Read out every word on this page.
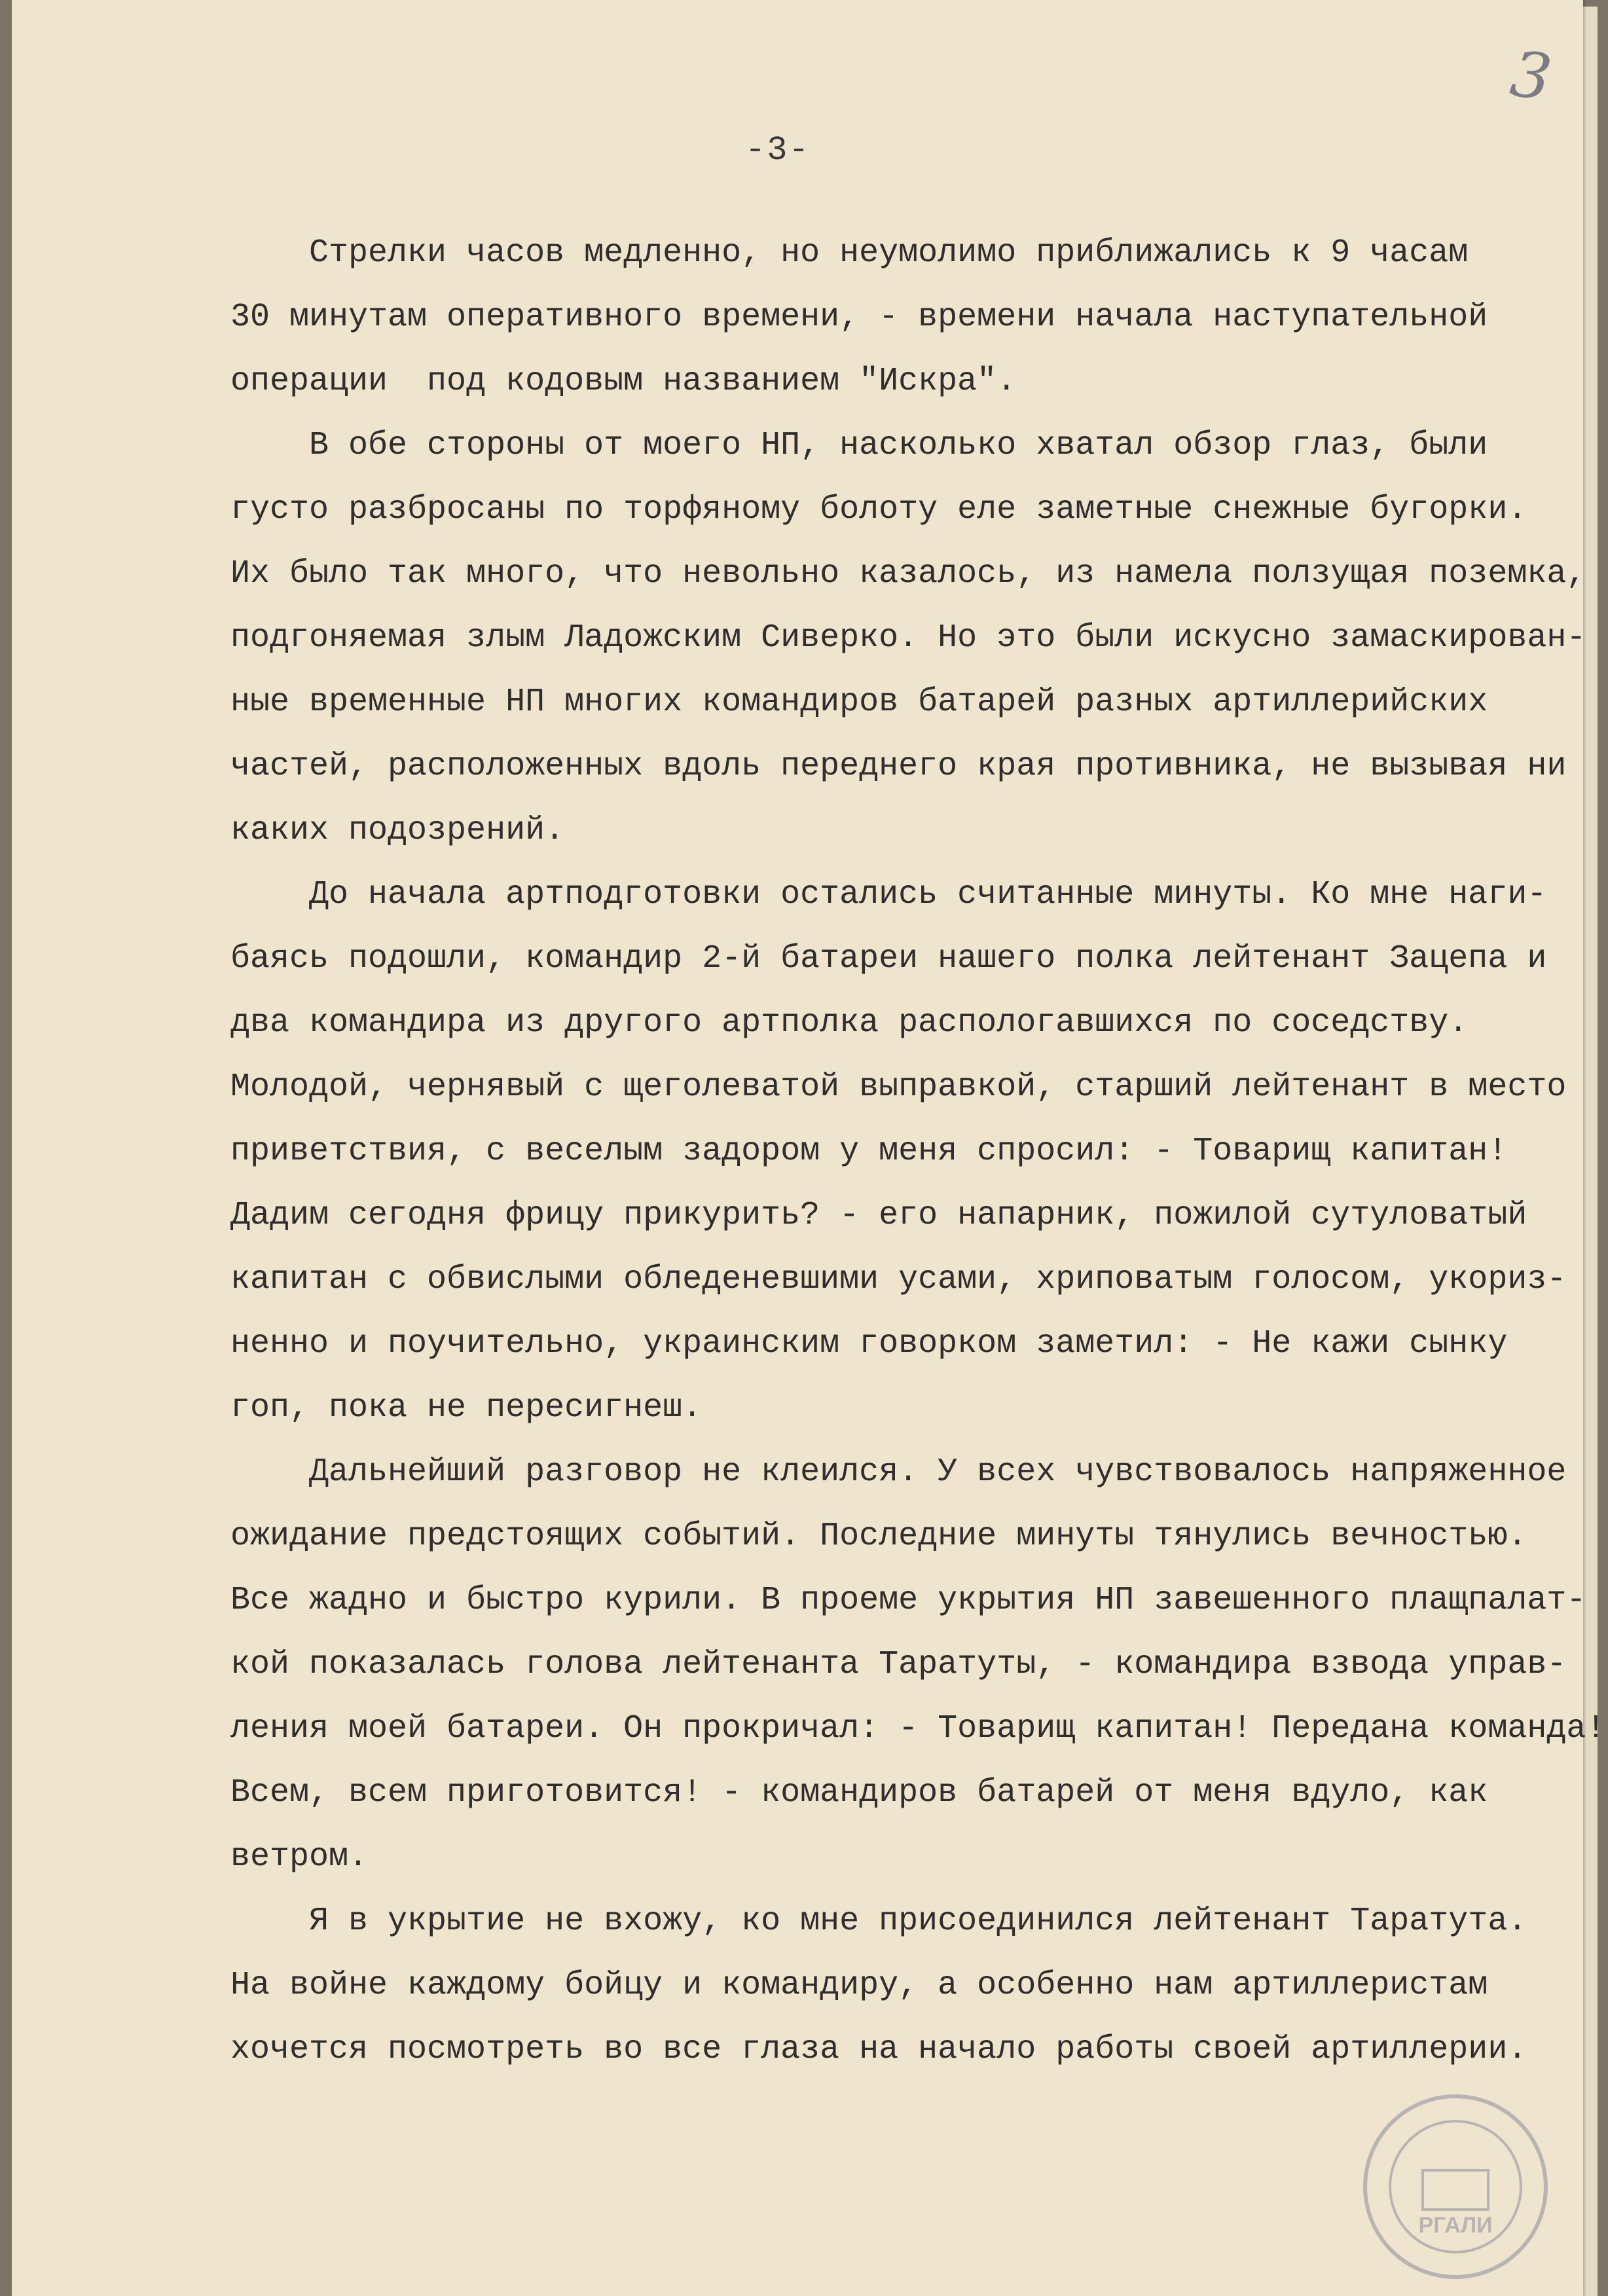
3
-3-
Стрелки часов медленно, но неумолимо приближались к 9 часам
30 минутам оперативного времени, - времени начала наступательной
операции  под кодовым названием "Искра".
В обе стороны от моего НП, насколько хватал обзор глаз, были
густо разбросаны по торфяному болоту еле заметные снежные бугорки.
Их было так много, что невольно казалось, из намела ползущая поземка,
подгоняемая злым Ладожским Сиверко. Но это были искусно замаскирован-
ные временные НП многих командиров батарей разных артиллерийских
частей, расположенных вдоль переднего края противника, не вызывая ни
каких подозрений.
До начала артподготовки остались считанные минуты. Ко мне наги-
баясь подошли, командир 2-й батареи нашего полка лейтенант Зацепа и
два командира из другого артполка распологавшихся по соседству.
Молодой, чернявый с щеголеватой выправкой, старший лейтенант в место
приветствия, с веселым задором у меня спросил: - Товарищ капитан!
Дадим сегодня фрицу прикурить? - его напарник, пожилой сутуловатый
капитан с обвислыми обледеневшими усами, хриповатым голосом, укориз-
ненно и поучительно, украинским говорком заметил: - Не кажи сынку
гоп, пока не пересигнеш.
Дальнейший разговор не клеился. У всех чувствовалось напряженное
ожидание предстоящих событий. Последние минуты тянулись вечностью.
Все жадно и быстро курили. В проеме укрытия НП завешенного плащпалат-
кой показалась голова лейтенанта Таратуты, - командира взвода управ-
ления моей батареи. Он прокричал: - Товарищ капитан! Передана команда!
Всем, всем приготовится! - командиров батарей от меня вдуло, как
ветром.
Я в укрытие не вхожу, ко мне присоединился лейтенант Таратута.
На войне каждому бойцу и командиру, а особенно нам артиллеристам
хочется посмотреть во все глаза на начало работы своей артиллерии.
РГАЛИ
